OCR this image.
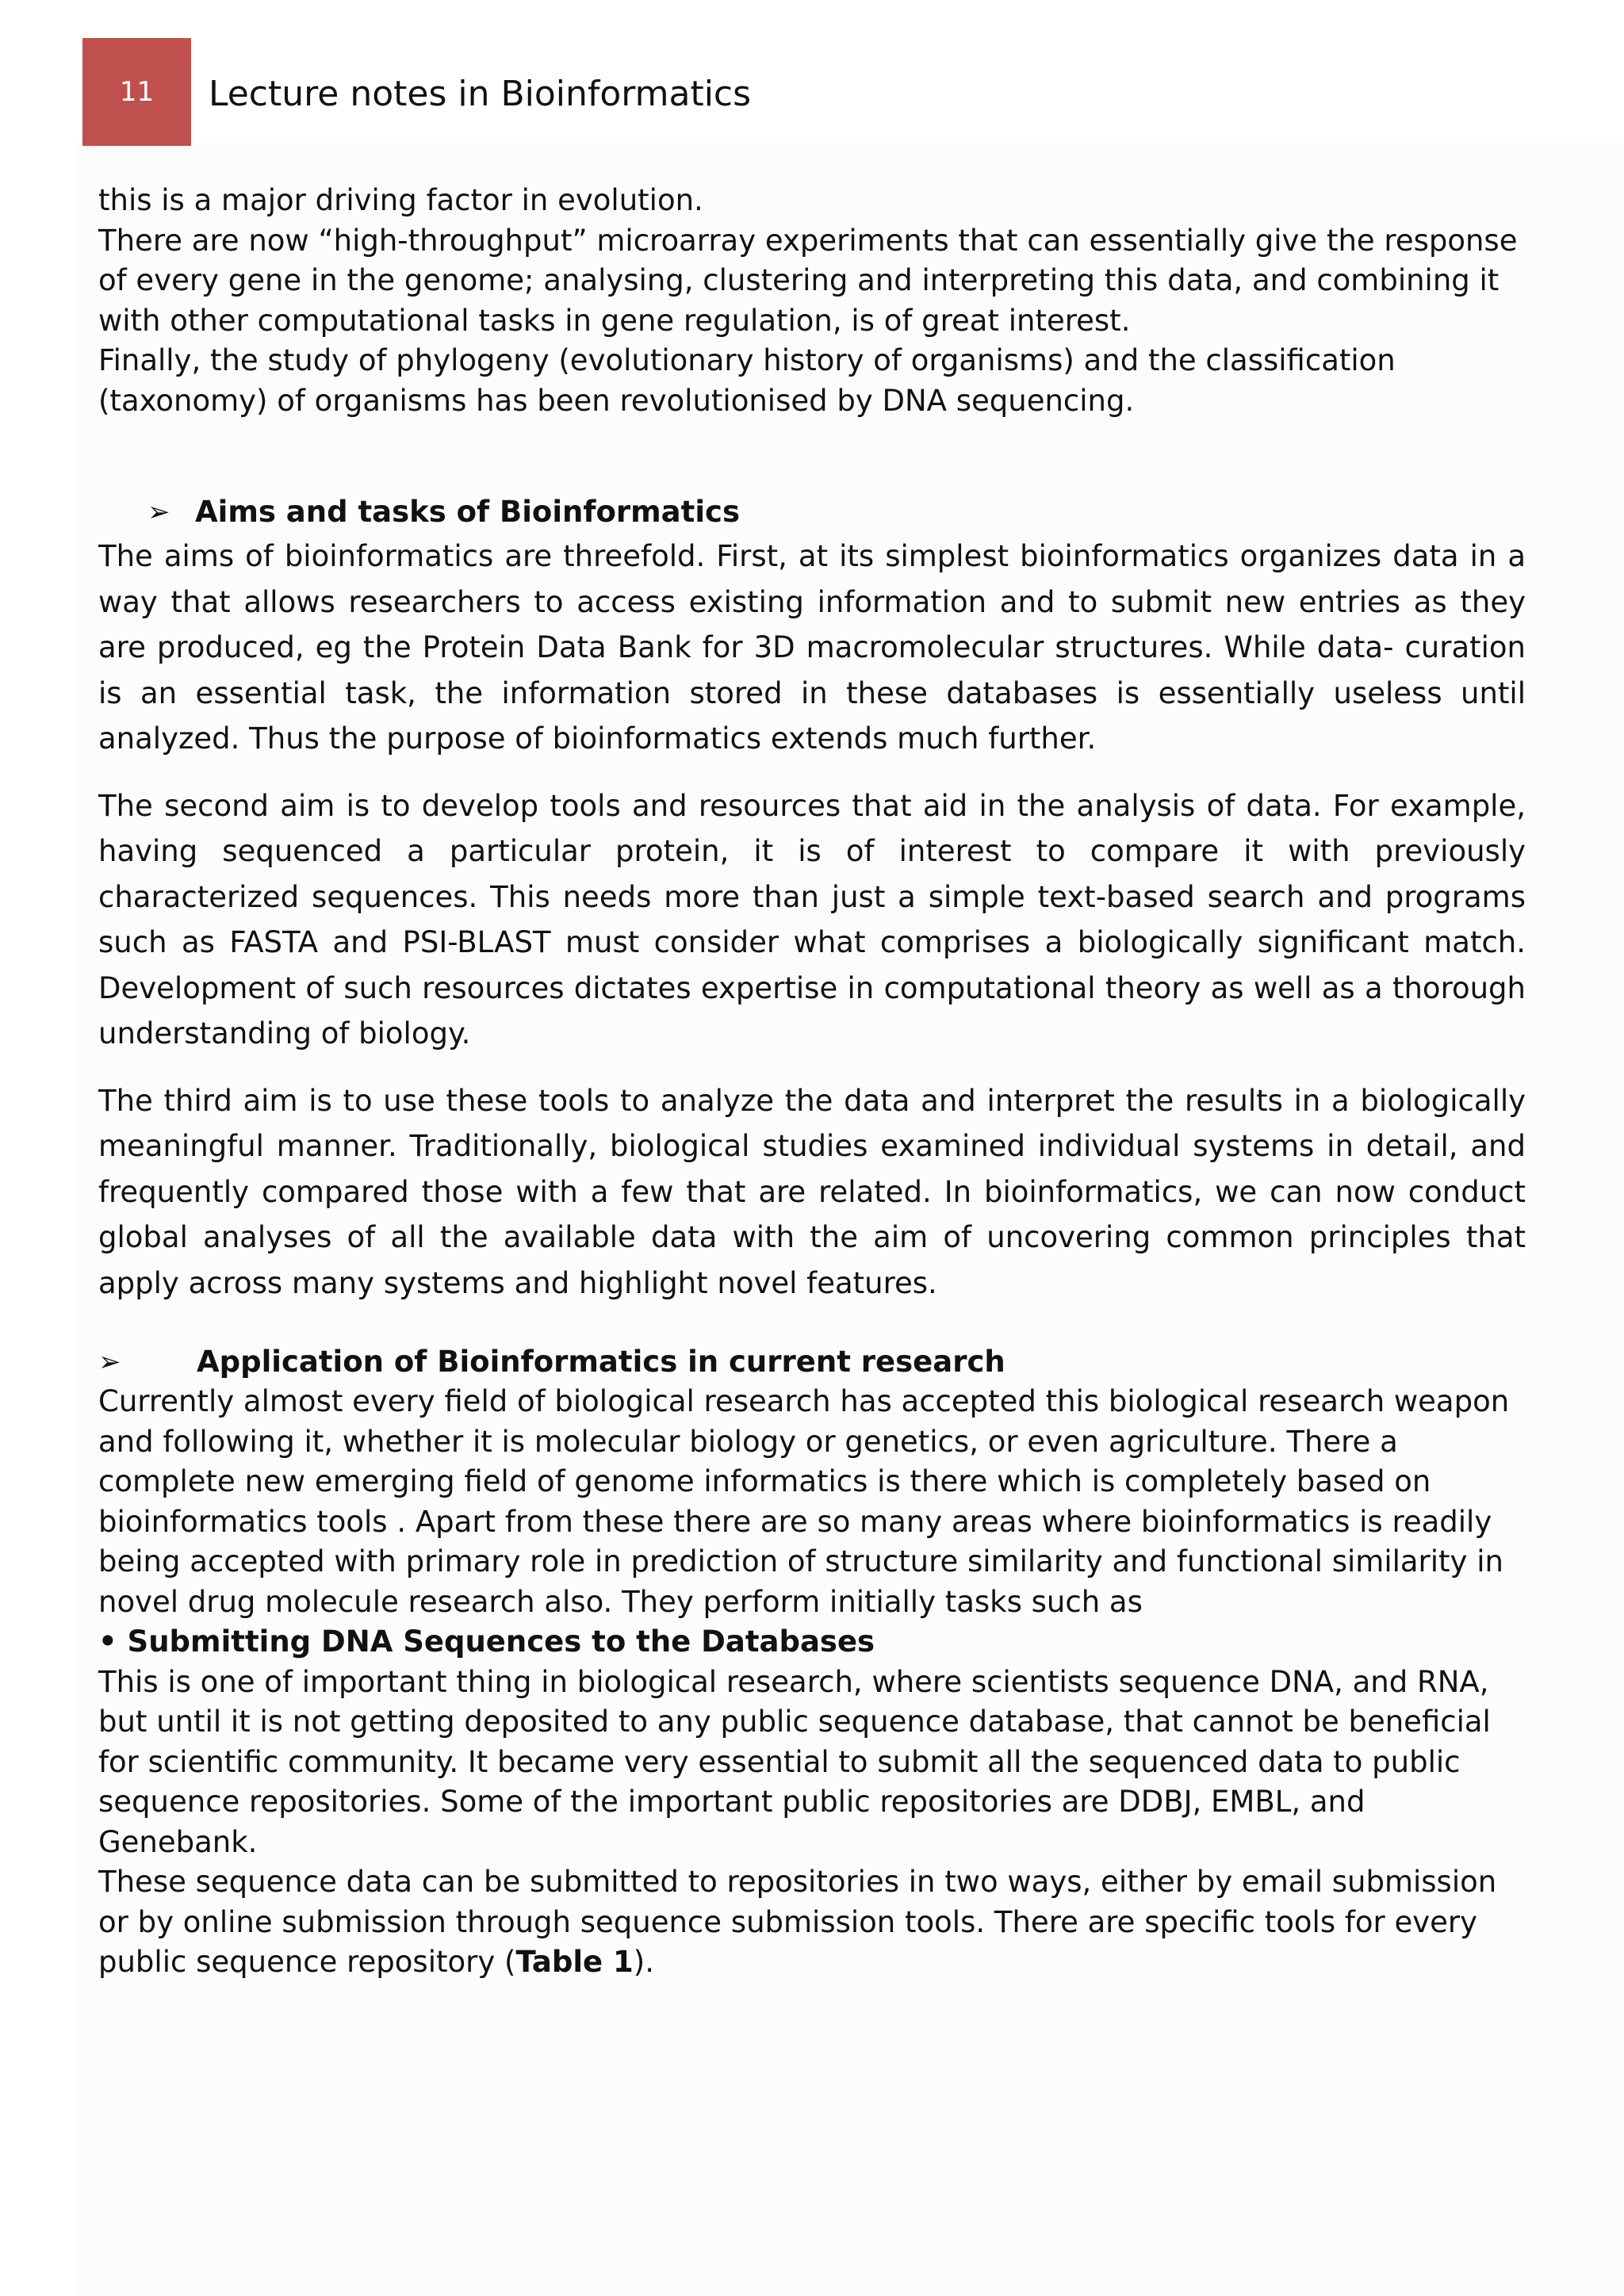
11	Lecture notes in Bioinformatics

this is a major driving factor in evolution.

There are now “high-throughput” microarray experiments that can essentially give the response of every gene in the genome; analysing, clustering and interpreting this data, and combining it with other computational tasks in gene regulation, is of great interest.

Finally, the study of phylogeny (evolutionary history of organisms) and the classification (taxonomy) of organisms has been revolutionised by DNA sequencing.

➢ Aims and tasks of Bioinformatics

The aims of bioinformatics are threefold. First, at its simplest bioinformatics organizes data in a way that allows researchers to access existing information and to submit new entries as they are produced, eg the Protein Data Bank for 3D macromolecular structures. While data- curation is an essential task, the information stored in these databases is essentially useless until analyzed. Thus the purpose of bioinformatics extends much further.

The second aim is to develop tools and resources that aid in the analysis of data. For example, having sequenced a particular protein, it is of interest to compare it with previously characterized sequences. This needs more than just a simple text-based search and programs such as FASTA and PSI-BLAST must consider what comprises a biologically significant match. Development of such resources dictates expertise in computational theory as well as a thorough understanding of biology.

The third aim is to use these tools to analyze the data and interpret the results in a biologically meaningful manner. Traditionally, biological studies examined individual systems in detail, and frequently compared those with a few that are related. In bioinformatics, we can now conduct global analyses of all the available data with the aim of uncovering common principles that apply across many systems and highlight novel features.

➢	Application of Bioinformatics in current research

Currently almost every field of biological research has accepted this biological research weapon and following it, whether it is molecular biology or genetics, or even agriculture. There a complete new emerging field of genome informatics is there which is completely based on bioinformatics tools . Apart from these there are so many areas where bioinformatics is readily being accepted with primary role in prediction of structure similarity and functional similarity in novel drug molecule research also. They perform initially tasks such as

• Submitting DNA Sequences to the Databases

This is one of important thing in biological research, where scientists sequence DNA, and RNA, but until it is not getting deposited to any public sequence database, that cannot be beneficial for scientific community. It became very essential to submit all the sequenced data to public sequence repositories. Some of the important public repositories are DDBJ, EMBL, and Genebank.

These sequence data can be submitted to repositories in two ways, either by email submission or by online submission through sequence submission tools. There are specific tools for every public sequence repository (Table 1).
